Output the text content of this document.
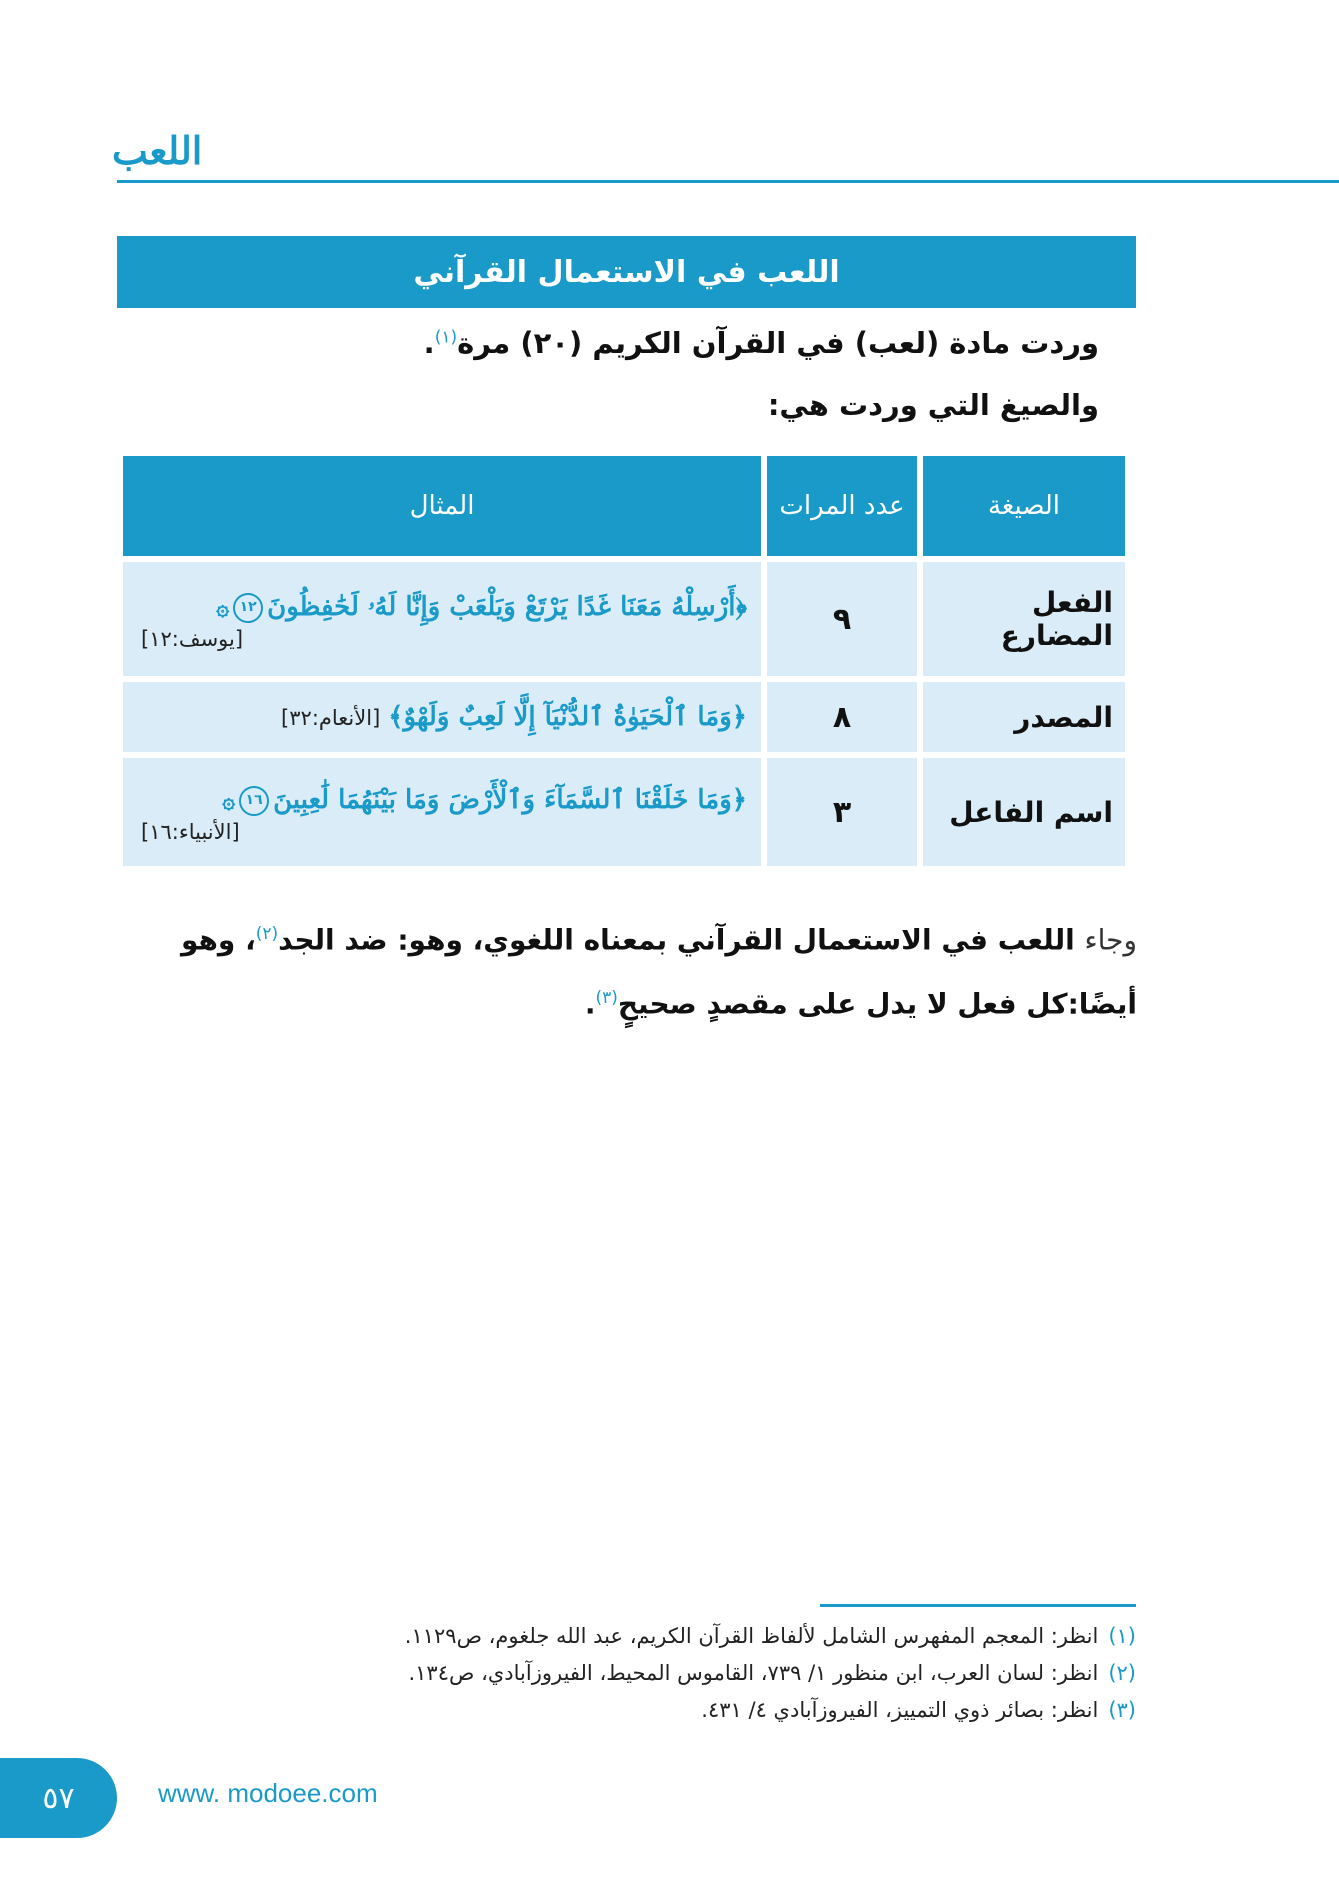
اللعب
اللعب في الاستعمال القرآني
وردت مادة (لعب) في القرآن الكريم (٢٠) مرة$^{(١)}$.
والصيغ التي وردت هي:
الصيغة	عدد المرات	المثال
الفعل المضارع	٩	﴿أَرْسِلْهُ مَعَنَا غَدًا يَرْتَعْ وَيَلْعَبْ وَإِنَّا لَهُۥ لَحَٰفِظُونَ١٢۞
[يوسف:١٢]

المصدر	٨	﴿وَمَا ٱلْحَيَوٰةُ ٱلدُّنْيَآ إِلَّا لَعِبٌ وَلَهْوٌ﴾[الأنعام:٣٢]

اسم الفاعل	٣	﴿وَمَا خَلَقْنَا ٱلسَّمَآءَ وَٱلْأَرْضَ وَمَا بَيْنَهُمَا لَٰعِبِينَ١٦۞
[الأنبياء:١٦]
وجاء اللعب في الاستعمال القرآني بمعناه اللغوي، وهو: ضد الجد$^{(٢)}$، وهو أيضًا:كل فعل لا يدل على مقصدٍ صحيحٍ$^{(٣)}$.
(١)انظر: المعجم المفهرس الشامل لألفاظ القرآن الكريم، عبد الله جلغوم، ص١١٢٩.
(٢)انظر: لسان العرب، ابن منظور ١/ ٧٣٩، القاموس المحيط، الفيروزآبادي، ص١٣٤.
(٣)انظر: بصائر ذوي التمييز، الفيروزآبادي ٤/ ٤٣١.
٥٧	www. modoee.com
